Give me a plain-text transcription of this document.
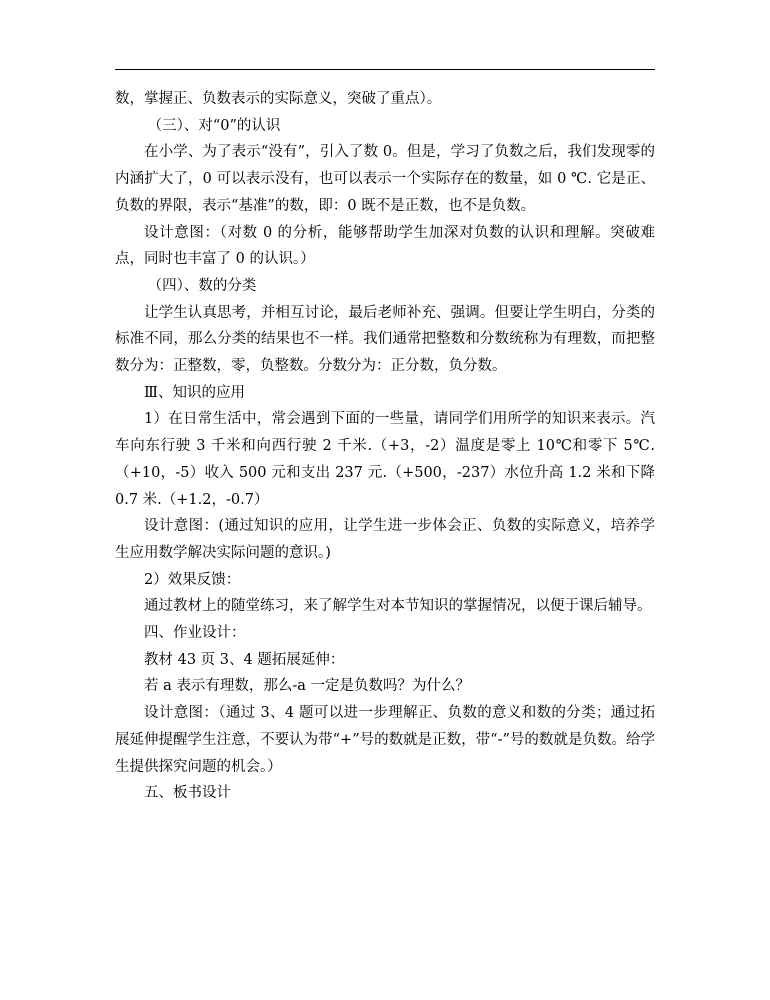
数，掌握正、负数表示的实际意义，突破了重点）。

（三）、对“0”的认识

在小学、为了表示“没有”，引入了数 0。但是，学习了负数之后，我们发现零的内涵扩大了，0 可以表示没有，也可以表示一个实际存在的数量，如 0 ℃. 它是正、负数的界限，表示“基准”的数，即：0 既不是正数，也不是负数。

设计意图：（对数 0 的分析，能够帮助学生加深对负数的认识和理解。突破难点，同时也丰富了 0 的认识。）

（四）、数的分类

让学生认真思考，并相互讨论，最后老师补充、强调。但要让学生明白，分类的标准不同，那么分类的结果也不一样。我们通常把整数和分数统称为有理数，而把整数分为：正整数，零，负整数。分数分为：正分数，负分数。

Ⅲ、知识的应用

1）在日常生活中，常会遇到下面的一些量，请同学们用所学的知识来表示。汽车向东行驶 3 千米和向西行驶 2 千米.（+3，-2）温度是零上 10℃和零下 5℃.（+10，-5）收入 500 元和支出 237 元.（+500，-237）水位升高 1.2 米和下降 0.7 米.（+1.2，-0.7）

设计意图：(通过知识的应用，让学生进一步体会正、负数的实际意义，培养学生应用数学解决实际问题的意识。)

2）效果反馈：

通过教材上的随堂练习，来了解学生对本节知识的掌握情况，以便于课后辅导。

四、作业设计：

教材 43 页 3、4 题拓展延伸：

若 a 表示有理数，那么-a 一定是负数吗？为什么？

设计意图：（通过 3、4 题可以进一步理解正、负数的意义和数的分类；通过拓展延伸提醒学生注意，不要认为带“+”号的数就是正数，带“-”号的数就是负数。给学生提供探究问题的机会。）

五、板书设计
